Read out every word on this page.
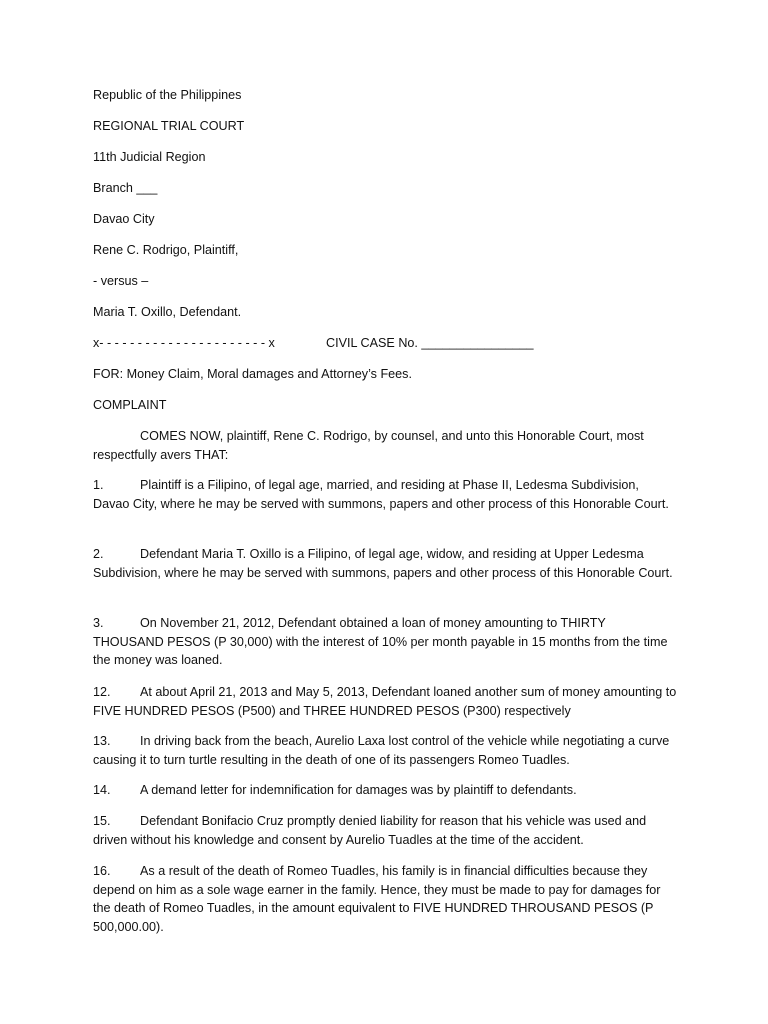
Republic of the Philippines
REGIONAL TRIAL COURT
11th Judicial Region
Branch ___
Davao City
Rene C. Rodrigo, Plaintiff,
- versus –
Maria T. Oxillo, Defendant.
x- - - - - - - - - - - - - - - - - - - - - - x	CIVIL CASE No. ________________
FOR: Money Claim, Moral damages and Attorney’s Fees.
COMPLAINT
COMES NOW, plaintiff, Rene C. Rodrigo, by counsel, and unto this Honorable Court, most respectfully avers THAT:
1.	Plaintiff is a Filipino, of legal age, married, and residing at Phase II, Ledesma Subdivision, Davao City, where he may be served with summons, papers and other process of this Honorable Court.
2.	Defendant Maria T. Oxillo is a Filipino, of legal age, widow, and residing at Upper Ledesma Subdivision, where he may be served with summons, papers and other process of this Honorable Court.
3.	On November 21, 2012, Defendant obtained a loan of money amounting to THIRTY THOUSAND PESOS (P 30,000) with the interest of 10% per month payable in 15 months from the time the money was loaned.
12. At about April 21, 2013 and May 5, 2013, Defendant loaned another sum of money amounting to FIVE HUNDRED PESOS (P500) and THREE HUNDRED PESOS (P300) respectively
13. In driving back from the beach, Aurelio Laxa lost control of the vehicle while negotiating a curve causing it to turn turtle resulting in the death of one of its passengers Romeo Tuadles.
14. A demand letter for indemnification for damages was by plaintiff to defendants.
15. Defendant Bonifacio Cruz promptly denied liability for reason that his vehicle was used and driven without his knowledge and consent by Aurelio Tuadles at the time of the accident.
16. As a result of the death of Romeo Tuadles, his family is in financial difficulties because they depend on him as a sole wage earner in the family. Hence, they must be made to pay for damages for the death of Romeo Tuadles, in the amount equivalent to FIVE HUNDRED THROUSAND PESOS (P 500,000.00).
